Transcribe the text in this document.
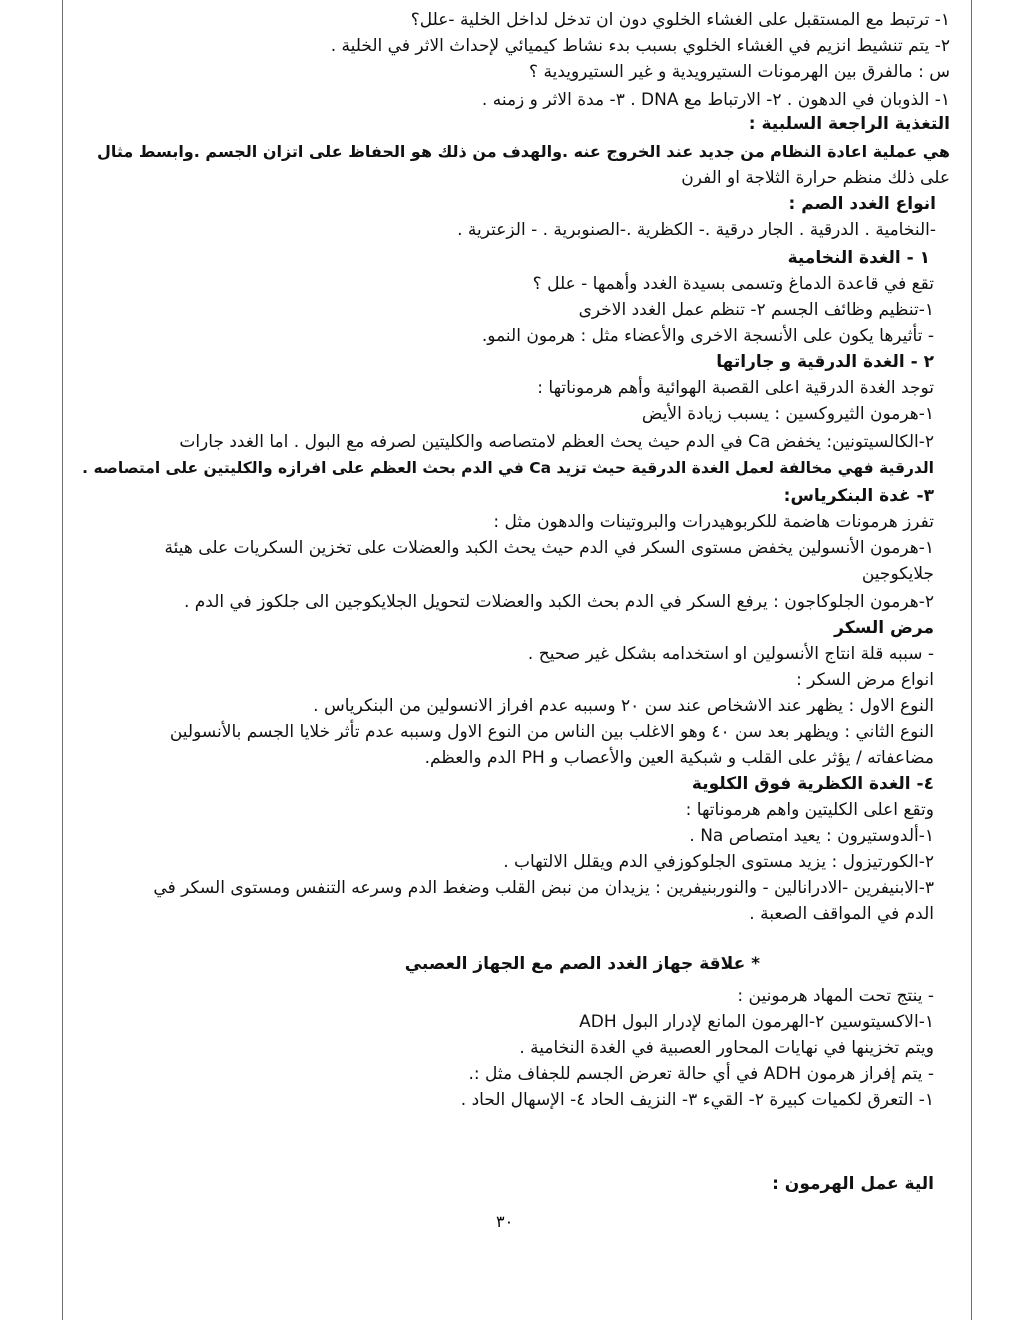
١- ترتبط مع المستقبل على الغشاء الخلوي دون ان تدخل لداخل الخلية -علل؟

٢- يتم تنشيط انزيم في الغشاء الخلوي بسبب بدء نشاط كيميائي لإحداث الاثر في الخلية .

س : مالفرق بين الهرمونات الستيرويدية و غير الستيرويدية ؟

١- الذوبان في الدهون . ٢- الارتباط مع DNA . ٣- مدة الاثر و زمنه .

التغذية الراجعة السلبية :

هي عملية اعادة النظام من جديد عند الخروج عنه .والهدف من ذلك هو الحفاظ على اتزان الجسم .وابسط مثال

على ذلك منظم حرارة الثلاجة او الفرن

انواع الغدد الصم :

-النخامية . الدرقية . الجار درقية .- الكظرية .-الصنوبرية . - الزعترية .

١ - الغدة النخامية

تقع في قاعدة الدماغ وتسمى بسيدة الغدد وأهمها - علل ؟

١-تنظيم وظائف الجسم ٢- تنظم عمل الغدد الاخرى

- تأثيرها يكون على الأنسجة الاخرى والأعضاء مثل : هرمون النمو.

٢ - الغدة الدرقية و جاراتها

توجد الغدة الدرقية اعلى القصبة الهوائية وأهم هرموناتها :

١-هرمون الثيروكسين : يسبب زيادة الأيض

٢-الكالسيتونين: يخفض Ca في الدم حيث يحث العظم لامتصاصه والكليتين لصرفه مع البول . اما الغدد جارات

الدرقية فهي مخالفة لعمل الغدة الدرقية حيث تزيد Ca في الدم بحث العظم على افرازه والكليتين على امتصاصه .

٣- غدة البنكرياس:

تفرز هرمونات هاضمة للكربوهيدرات والبروتينات والدهون مثل :

١-هرمون الأنسولين يخفض مستوى السكر في الدم حيث يحث الكبد والعضلات على تخزين السكريات على هيئة

جلايكوجين

٢-هرمون الجلوكاجون : يرفع السكر في الدم بحث الكبد والعضلات لتحويل الجلايكوجين الى جلكوز في الدم .

مرض السكر

- سببه قلة انتاج الأنسولين او استخدامه بشكل غير صحيح .

انواع مرض السكر :

النوع الاول : يظهر عند الاشخاص عند سن ٢٠ وسببه عدم افراز الانسولين من البنكرياس .

النوع الثاني : ويظهر بعد سن ٤٠ وهو الاغلب بين الناس من النوع الاول وسببه عدم تأثر خلايا الجسم بالأنسولين

مضاعفاته / يؤثر على القلب و شبكية العين والأعصاب و PH الدم والعظم.

٤- الغدة الكظرية فوق الكلوية

وتقع اعلى الكليتين واهم هرموناتها :

١-ألدوستيرون : يعيد امتصاص Na .

٢-الكورتيزول : يزيد مستوى الجلوكوزفي الدم ويقلل الالتهاب .

٣-الابنيفرين -الادرانالين - والنوربنيفرين : يزيدان من نبض القلب وضغط الدم وسرعه التنفس ومستوى السكر في

الدم في المواقف الصعبة .

* علاقة جهاز الغدد الصم مع الجهاز العصبي

- ينتج تحت المهاد هرمونين :

١-الاكسيتوسين ٢-الهرمون المانع لإدرار البول ADH

ويتم تخزينها في نهايات المحاور العصبية في الغدة النخامية .

- يتم إفراز هرمون ADH في أي حالة تعرض الجسم للجفاف مثل :.

١- التعرق لكميات كبيرة ٢- القيء ٣- النزيف الحاد ٤- الإسهال الحاد .

الية عمل الهرمون :

٣٠
